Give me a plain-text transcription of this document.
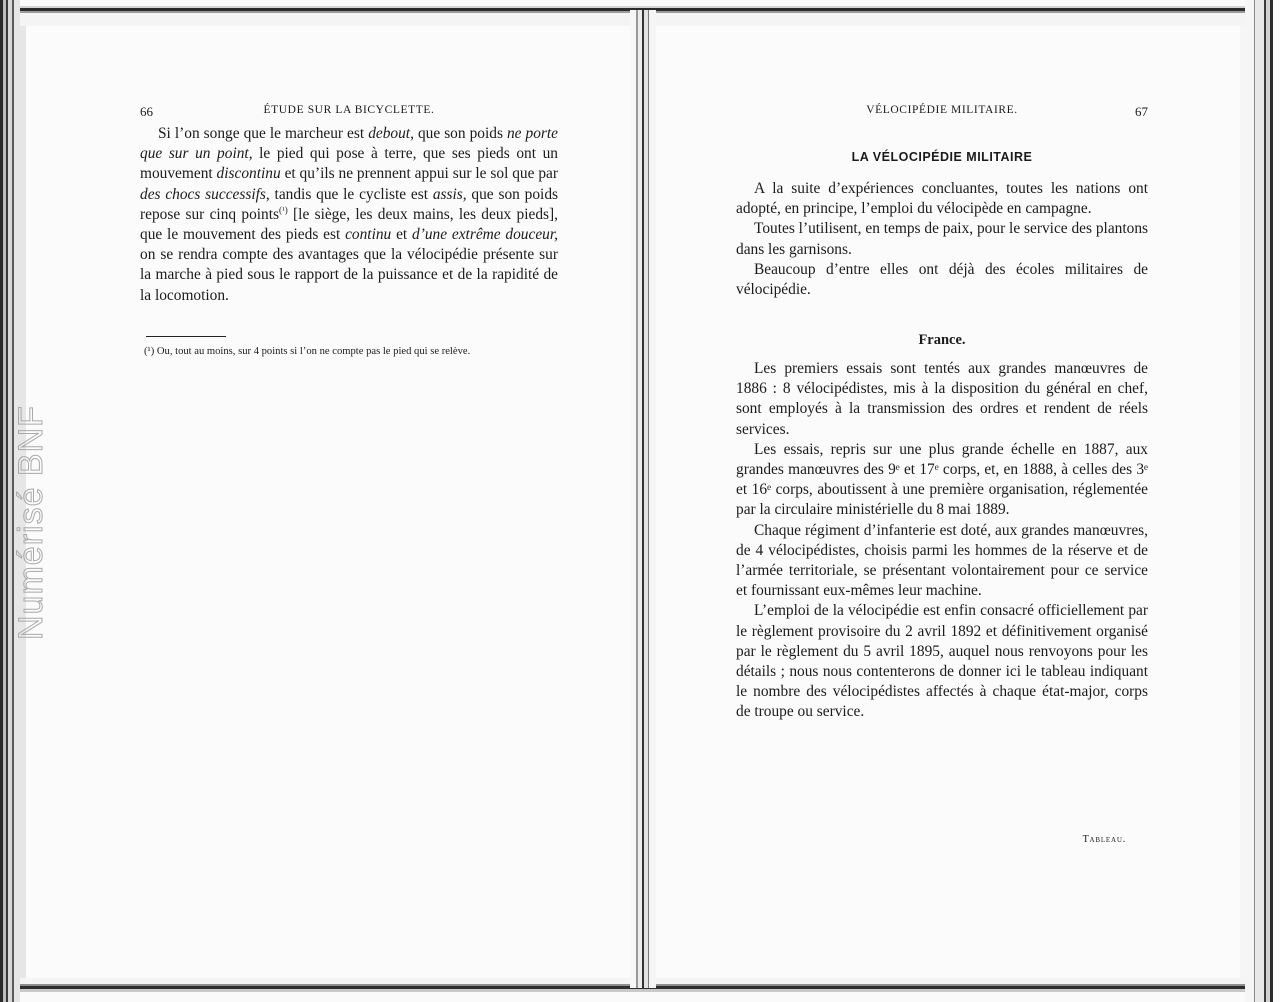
Numérisé BNF
66	ÉTUDE SUR LA BICYCLETTE.

Si l’on songe que le marcheur est debout, que son poids ne porte que sur un point, le pied qui pose à terre, que ses pieds ont un mouvement discontinu et qu’ils ne prennent appui sur le sol que par des chocs successifs, tandis que le cycliste est assis, que son poids repose sur cinq points$^{(^1)}$ [le siège, les deux mains, les deux pieds], que le mouvement des pieds est continu et d’une extrême douceur, on se rendra compte des avantages que la vélocipédie présente sur la marche à pied sous le rapport de la puissance et de la rapidité de la locomotion.

(¹) Ou, tout au moins, sur 4 points si l’on ne compte pas le pied qui se relève.
VÉLOCIPÉDIE MILITAIRE.	67
LA VÉLOCIPÉDIE MILITAIRE

A la suite d’expériences concluantes, toutes les nations ont adopté, en principe, l’emploi du vélocipède en campagne.

Toutes l’utilisent, en temps de paix, pour le service des plantons dans les garnisons.

Beaucoup d’entre elles ont déjà des écoles militaires de vélocipédie.

France.

Les premiers essais sont tentés aux grandes manœuvres de 1886 : 8 vélocipédistes, mis à la disposition du général en chef, sont employés à la transmission des ordres et rendent de réels services.

Les essais, repris sur une plus grande échelle en 1887, aux grandes manœuvres des 9ᵉ et 17ᵉ corps, et, en 1888, à celles des 3ᵉ et 16ᵉ corps, aboutissent à une première organisation, réglementée par la circulaire ministérielle du 8 mai 1889.

Chaque régiment d’infanterie est doté, aux grandes manœuvres, de 4 vélocipédistes, choisis parmi les hommes de la réserve et de l’armée territoriale, se présentant volontairement pour ce service et fournissant eux-mêmes leur machine.

L’emploi de la vélocipédie est enfin consacré officiellement par le règlement provisoire du 2 avril 1892 et définitivement organisé par le règlement du 5 avril 1895, auquel nous renvoyons pour les détails ; nous nous contenterons de donner ici le tableau indiquant le nombre des vélocipédistes affectés à chaque état-major, corps de troupe ou service.

Tableau.
